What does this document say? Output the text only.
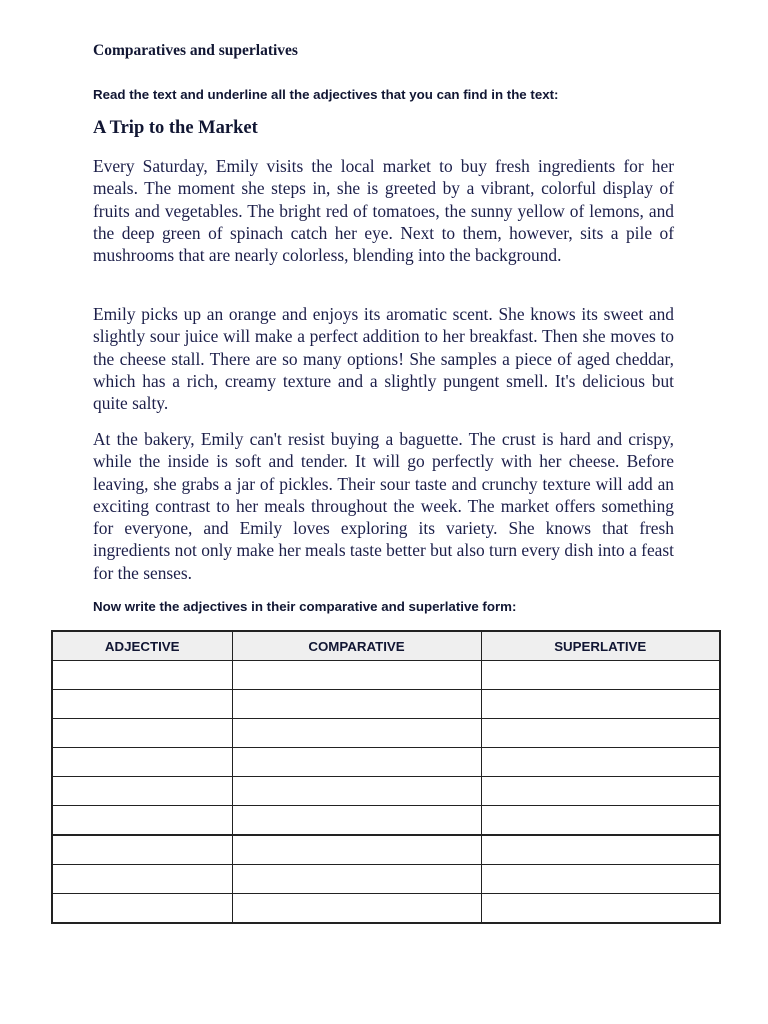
Comparatives and superlatives

Read the text and underline all the adjectives that you can find in the text:

A Trip to the Market

Every Saturday, Emily visits the local market to buy fresh ingredients for her meals. The moment she steps in, she is greeted by a vibrant, colorful display of fruits and vegetables. The bright red of tomatoes, the sunny yellow of lemons, and the deep green of spinach catch her eye. Next to them, however, sits a pile of mushrooms that are nearly colorless, blending into the background.

Emily picks up an orange and enjoys its aromatic scent. She knows its sweet and slightly sour juice will make a perfect addition to her breakfast. Then she moves to the cheese stall. There are so many options! She samples a piece of aged cheddar, which has a rich, creamy texture and a slightly pungent smell. It's delicious but quite salty.

At the bakery, Emily can't resist buying a baguette. The crust is hard and crispy, while the inside is soft and tender. It will go perfectly with her cheese. Before leaving, she grabs a jar of pickles. Their sour taste and crunchy texture will add an exciting contrast to her meals throughout the week. The market offers something for everyone, and Emily loves exploring its variety. She knows that fresh ingredients not only make her meals taste better but also turn every dish into a feast for the senses.

Now write the adjectives in their comparative and superlative form:

ADJECTIVE	COMPARATIVE	SUPERLATIVE
